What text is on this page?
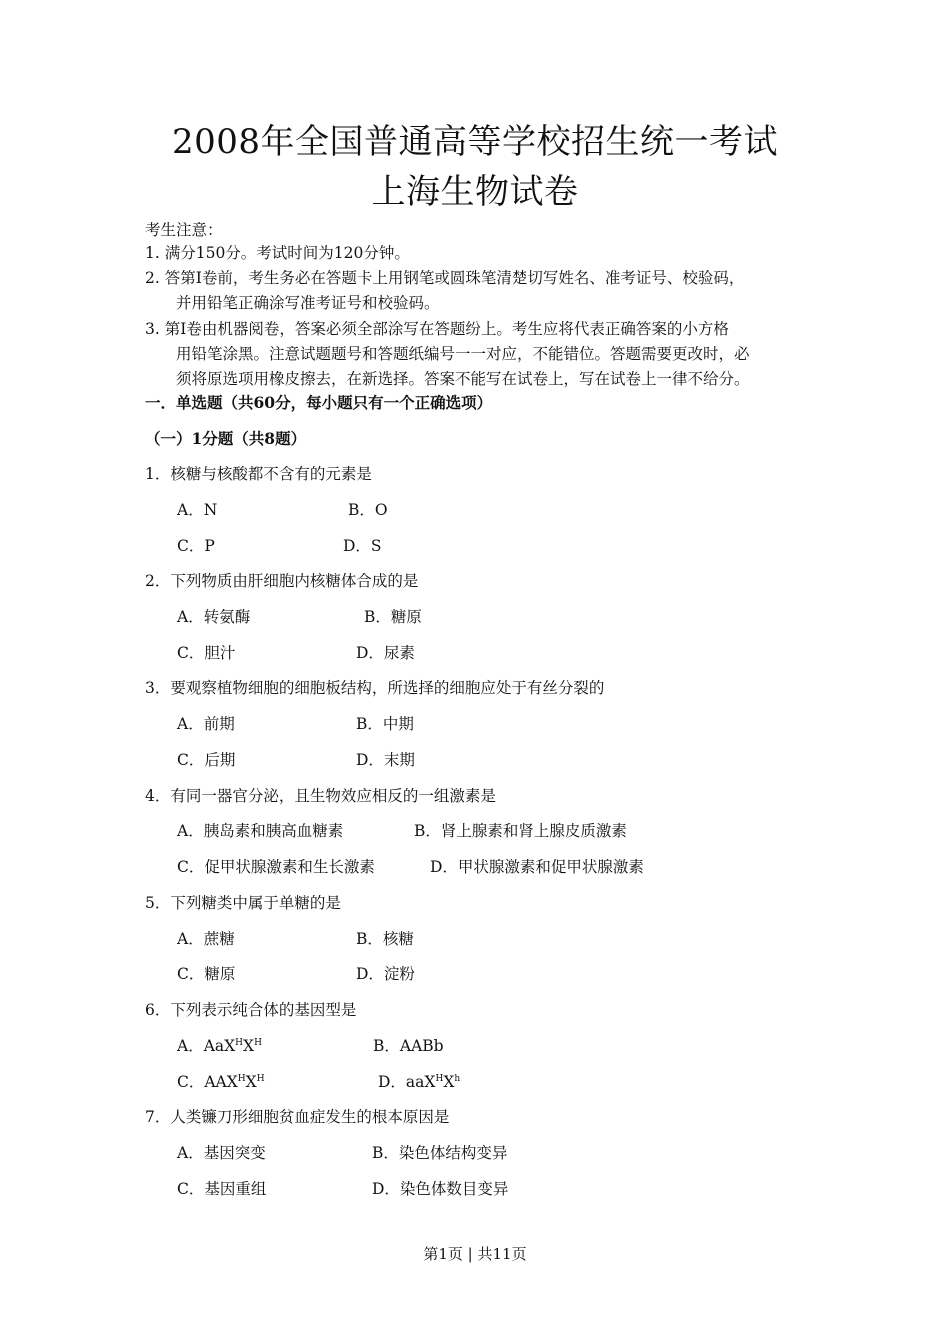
2008年全国普通高等学校招生统一考试
上海生物试卷
考生注意：
1. 满分150分。考试时间为120分钟。
2. 答第Ⅰ卷前，考生务必在答题卡上用钢笔或圆珠笔清楚切写姓名、准考证号、校验码，
并用铅笔正确涂写准考证号和校验码。
3. 第Ⅰ卷由机器阅卷，答案必须全部涂写在答题纷上。考生应将代表正确答案的小方格
用铅笔涂黑。注意试题题号和答题纸编号一一对应，不能错位。答题需要更改时，必
须将原选项用橡皮擦去，在新选择。答案不能写在试卷上，写在试卷上一律不给分。
一．单选题（共60分，每小题只有一个正确选项）
（一）1分题（共8题）
1．核糖与核酸都不含有的元素是
A．N	B．O
C．P	D．S
2．下列物质由肝细胞内核糖体合成的是
A．转氨酶	B．糖原
C．胆汁	D．尿素
3．要观察植物细胞的细胞板结构，所选择的细胞应处于有丝分裂的
A．前期	B．中期
C．后期	D．末期
4．有同一器官分泌，且生物效应相反的一组激素是
A．胰岛素和胰高血糖素	B．肾上腺素和肾上腺皮质激素
C．促甲状腺激素和生长激素	D．甲状腺激素和促甲状腺激素
5．下列糖类中属于单糖的是
A．蔗糖	B．核糖
C．糖原	D．淀粉
6．下列表示纯合体的基因型是
A．$AaX^HX^H$	B．AABb
C．$AAX^HX^H$	D．$aaX^HX^h$
7．人类镰刀形细胞贫血症发生的根本原因是
A．基因突变	B．染色体结构变异
C．基因重组	D．染色体数目变异
第1页 | 共11页
